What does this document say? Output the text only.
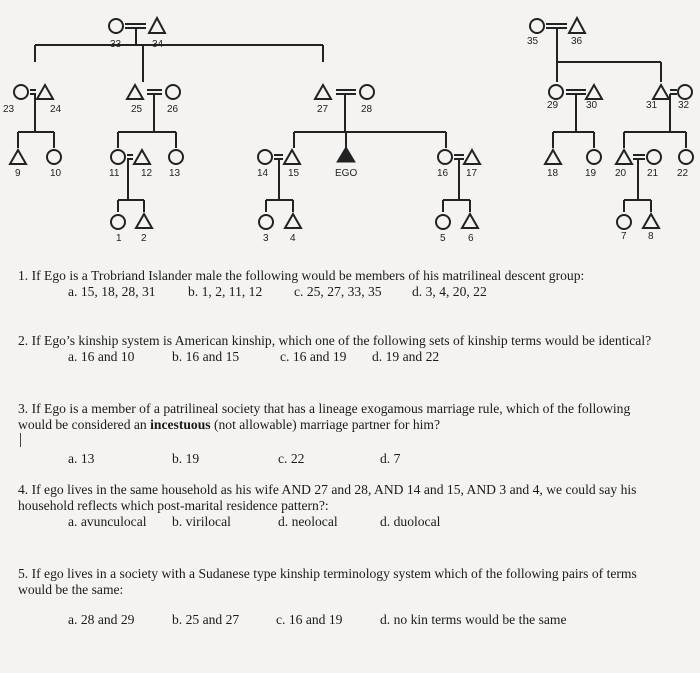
33	34	35	36
23	24	25 26	27	28	29	30	31 32
9	10	11 12 13	14 15	EGO	16 17	18	19 20 21 22
1 2	3 4	5 6	7 8
1. If Ego is a Trobriand Islander male the following would be members of his matrilineal descent group:
a. 15, 18, 28, 31 b. 1, 2, 11, 12 c. 25, 27, 33, 35 d. 3, 4, 20, 22
2. If Ego’s kinship system is American kinship, which one of the following sets of kinship terms would be identical?
a. 16 and 10	b. 16 and 15	c. 16 and 19 d. 19 and 22
3. If Ego is a member of a patrilineal society that has a lineage exogamous marriage rule, which of the following
would be considered an incestuous (not allowable) marriage partner for him?
a. 13	b. 19	c. 22	d. 7
4. If ego lives in the same household as his wife AND 27 and 28, AND 14 and 15, AND 3 and 4, we could say his
household reflects which post-marital residence pattern?:
a. avunculocal b. virilocal	d. neolocal	d. duolocal
5. If ego lives in a society with a Sudanese type kinship terminology system which of the following pairs of terms
would be the same:
a. 28 and 29	b. 25 and 27	c. 16 and 19	d. no kin terms would be the same
